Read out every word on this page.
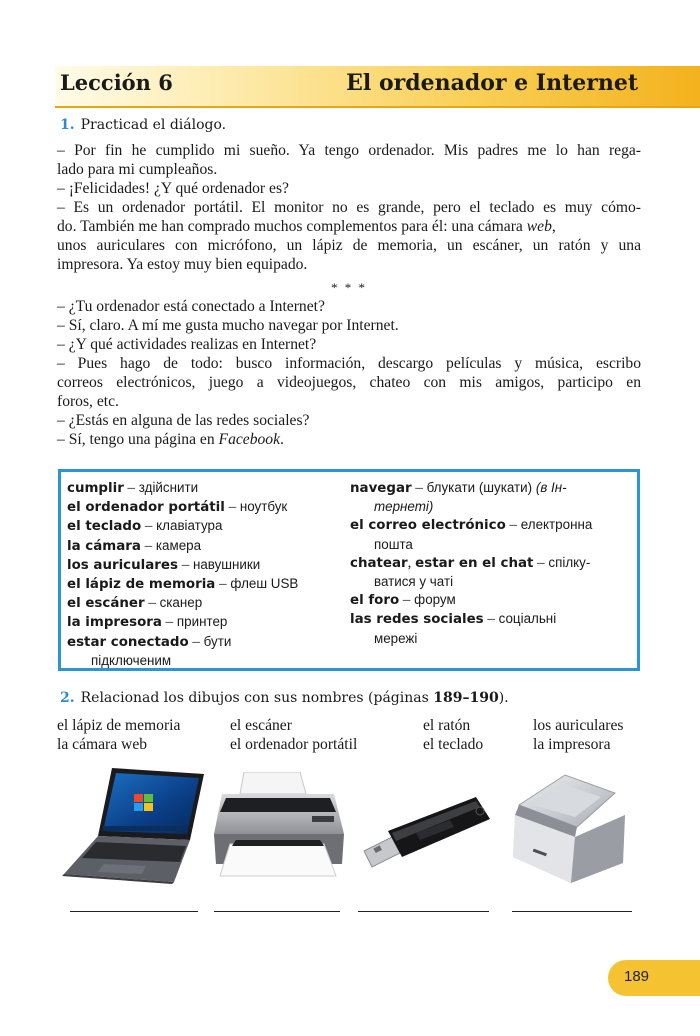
Lección 6	El ordenador e Internet
1. Practicad el diálogo.
– Por fin he cumplido mi sueño. Ya tengo ordenador. Mis padres me lo han rega-
lado para mi cumpleaños.
– ¡Felicidades! ¿Y qué ordenador es?
– Es un ordenador portátil. El monitor no es grande, pero el teclado es muy cómo-
do. También me han comprado muchos complementos para él: una cámara web,
unos auriculares con micrófono, un lápiz de memoria, un escáner, un ratón y una
impresora. Ya estoy muy bien equipado.
* * *
– ¿Tu ordenador está conectado a Internet?
– Sí, claro. A mí me gusta mucho navegar por Internet.
– ¿Y qué actividades realizas en Internet?
– Pues hago de todo: busco información, descargo películas y música, escribo
correos electrónicos, juego a videojuegos, chateo con mis amigos, participo en
foros, etc.
– ¿Estás en alguna de las redes sociales?
– Sí, tengo una página en Facebook.
cumplir – здійснити
el ordenador portátil – ноутбук
el teclado – клавіатура
la cámara – камера
los auriculares – навушники
el lápiz de memoria – флеш USB
el escáner – сканер
la impresora – принтер
estar conectado – бути
підключеним
navegar – блукати (шукати) (в Ін-
тернеті)
el correo electrónico – електронна
пошта
chatear, estar en el chat – спілку-
ватися у чаті
el foro – форум
las redes sociales – соціальні
мережі
2. Relacionad los dibujos con sus nombres (páginas 189–190).
el lápiz de memoria
la cámara web
el escáner
el ordenador portátil
el ratón
el teclado
los auriculares
la impresora
189
